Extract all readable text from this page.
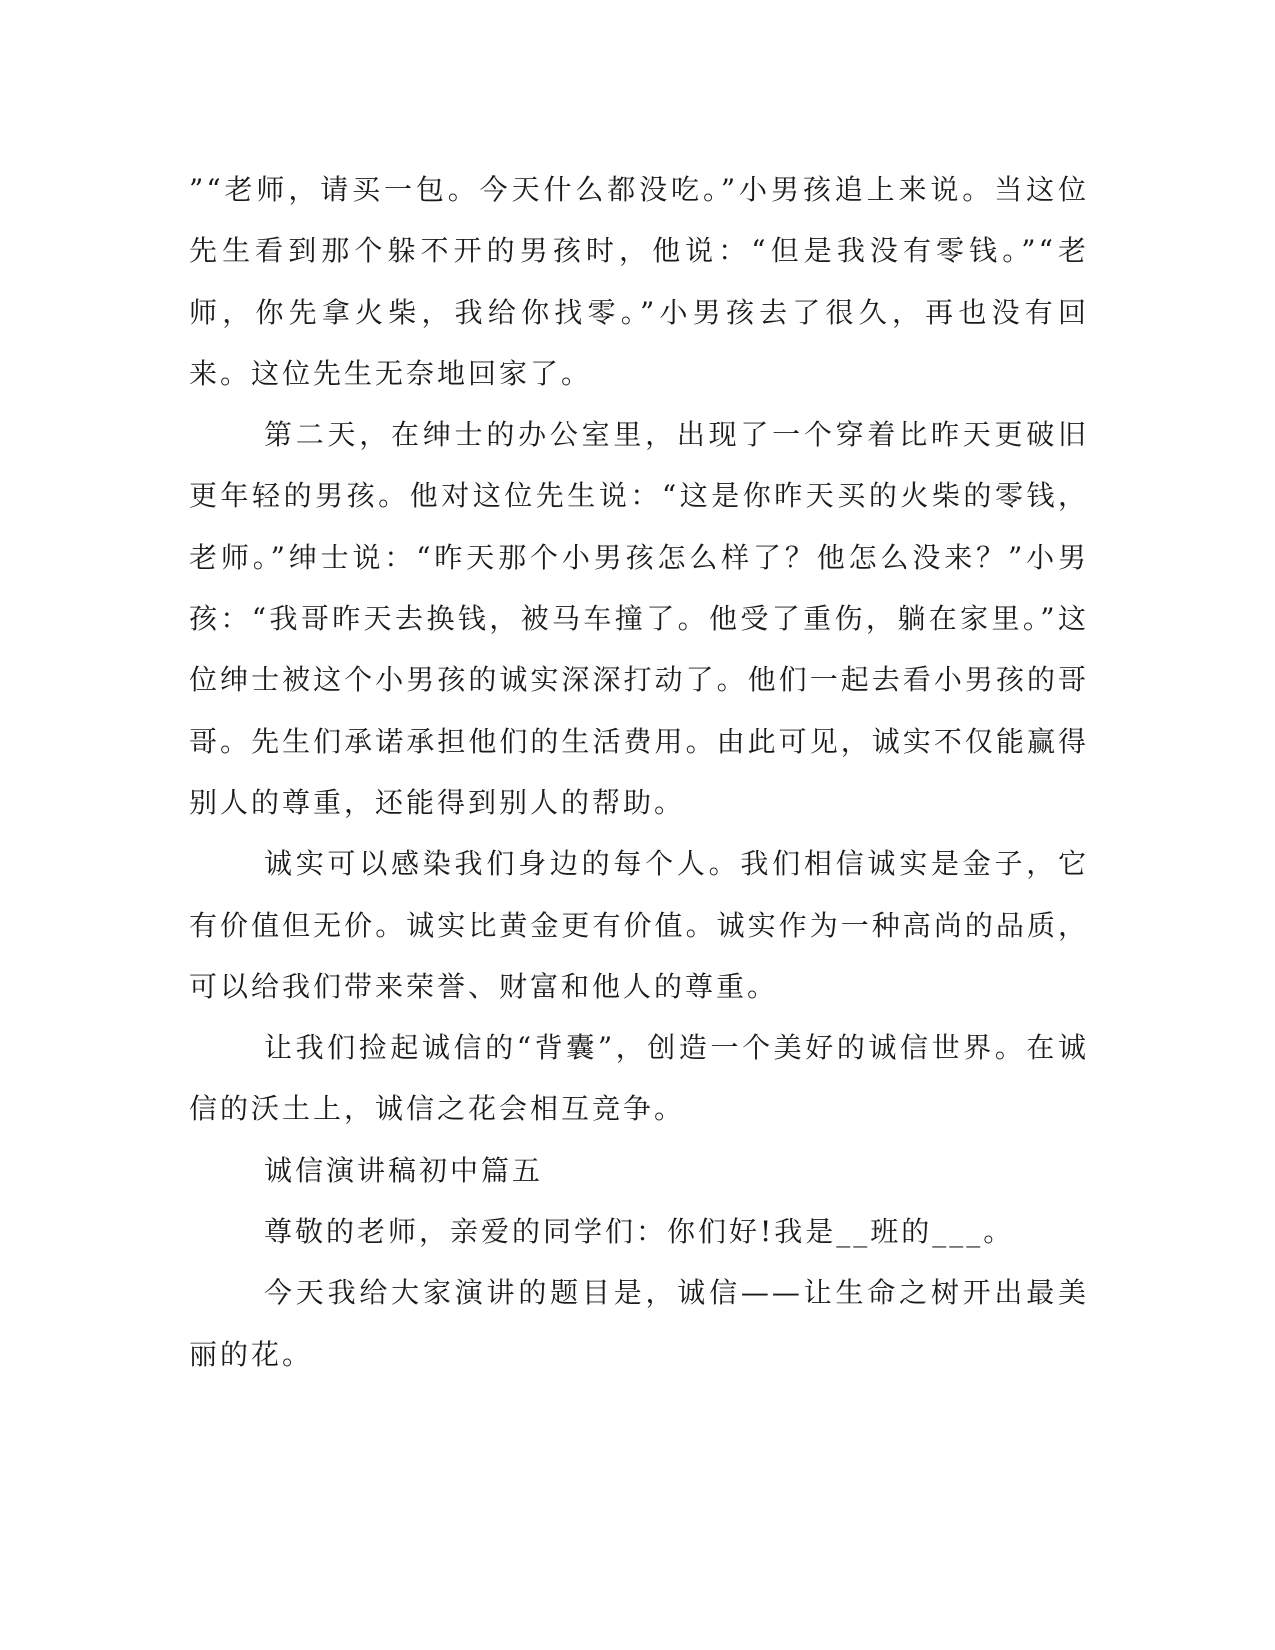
”“老师，请买一包。今天什么都没吃。”小男孩追上来说。当这位先生看到那个躲不开的男孩时，他说：“但是我没有零钱。”“老师，你先拿火柴，我给你找零。”小男孩去了很久，再也没有回来。这位先生无奈地回家了。

第二天，在绅士的办公室里，出现了一个穿着比昨天更破旧更年轻的男孩。他对这位先生说：“这是你昨天买的火柴的零钱，老师。”绅士说：“昨天那个小男孩怎么样了？他怎么没来？”小男孩：“我哥昨天去换钱，被马车撞了。他受了重伤，躺在家里。”这位绅士被这个小男孩的诚实深深打动了。他们一起去看小男孩的哥哥。先生们承诺承担他们的生活费用。由此可见，诚实不仅能赢得别人的尊重，还能得到别人的帮助。

诚实可以感染我们身边的每个人。我们相信诚实是金子，它有价值但无价。诚实比黄金更有价值。诚实作为一种高尚的品质，可以给我们带来荣誉、财富和他人的尊重。

让我们捡起诚信的“背囊”，创造一个美好的诚信世界。在诚信的沃土上，诚信之花会相互竞争。

诚信演讲稿初中篇五

尊敬的老师，亲爱的同学们：你们好!我是__班的___。

今天我给大家演讲的题目是，诚信——让生命之树开出最美丽的花。
